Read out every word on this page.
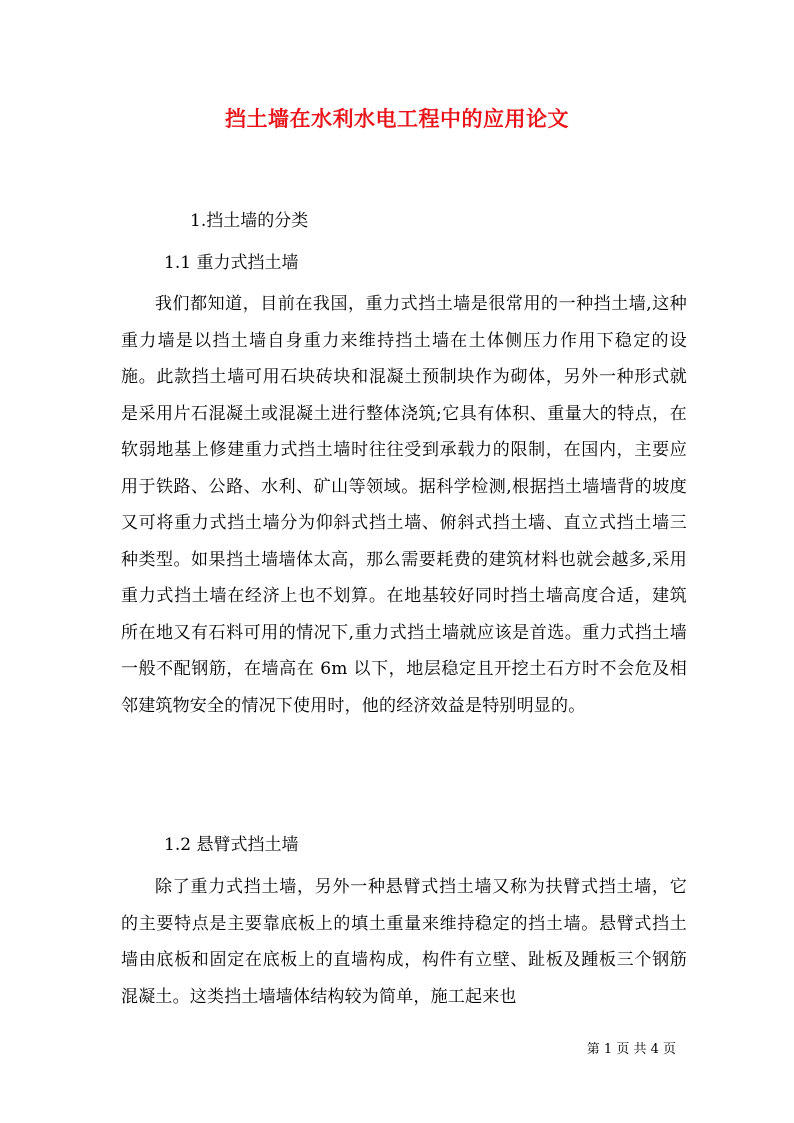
挡土墙在水利水电工程中的应用论文
1.挡土墙的分类
1.1 重力式挡土墙
我们都知道，目前在我国，重力式挡土墙是很常用的一种挡土墙,这种重力墙是以挡土墙自身重力来维持挡土墙在土体侧压力作用下稳定的设施。此款挡土墙可用石块砖块和混凝土预制块作为砌体，另外一种形式就是采用片石混凝土或混凝土进行整体浇筑;它具有体积、重量大的特点，在软弱地基上修建重力式挡土墙时往往受到承载力的限制，在国内，主要应用于铁路、公路、水利、矿山等领域。据科学检测,根据挡土墙墙背的坡度又可将重力式挡土墙分为仰斜式挡土墙、俯斜式挡土墙、直立式挡土墙三种类型。如果挡土墙墙体太高，那么需要耗费的建筑材料也就会越多,采用重力式挡土墙在经济上也不划算。在地基较好同时挡土墙高度合适，建筑所在地又有石料可用的情况下,重力式挡土墙就应该是首选。重力式挡土墙一般不配钢筋，在墙高在 6m 以下，地层稳定且开挖土石方时不会危及相邻建筑物安全的情况下使用时，他的经济效益是特别明显的。
1.2 悬臂式挡土墙
除了重力式挡土墙，另外一种悬臂式挡土墙又称为扶臂式挡土墙，它的主要特点是主要靠底板上的填土重量来维持稳定的挡土墙。悬臂式挡土墙由底板和固定在底板上的直墙构成，构件有立壁、趾板及踵板三个钢筋混凝土。这类挡土墙墙体结构较为简单，施工起来也
第 1 页 共 4 页
